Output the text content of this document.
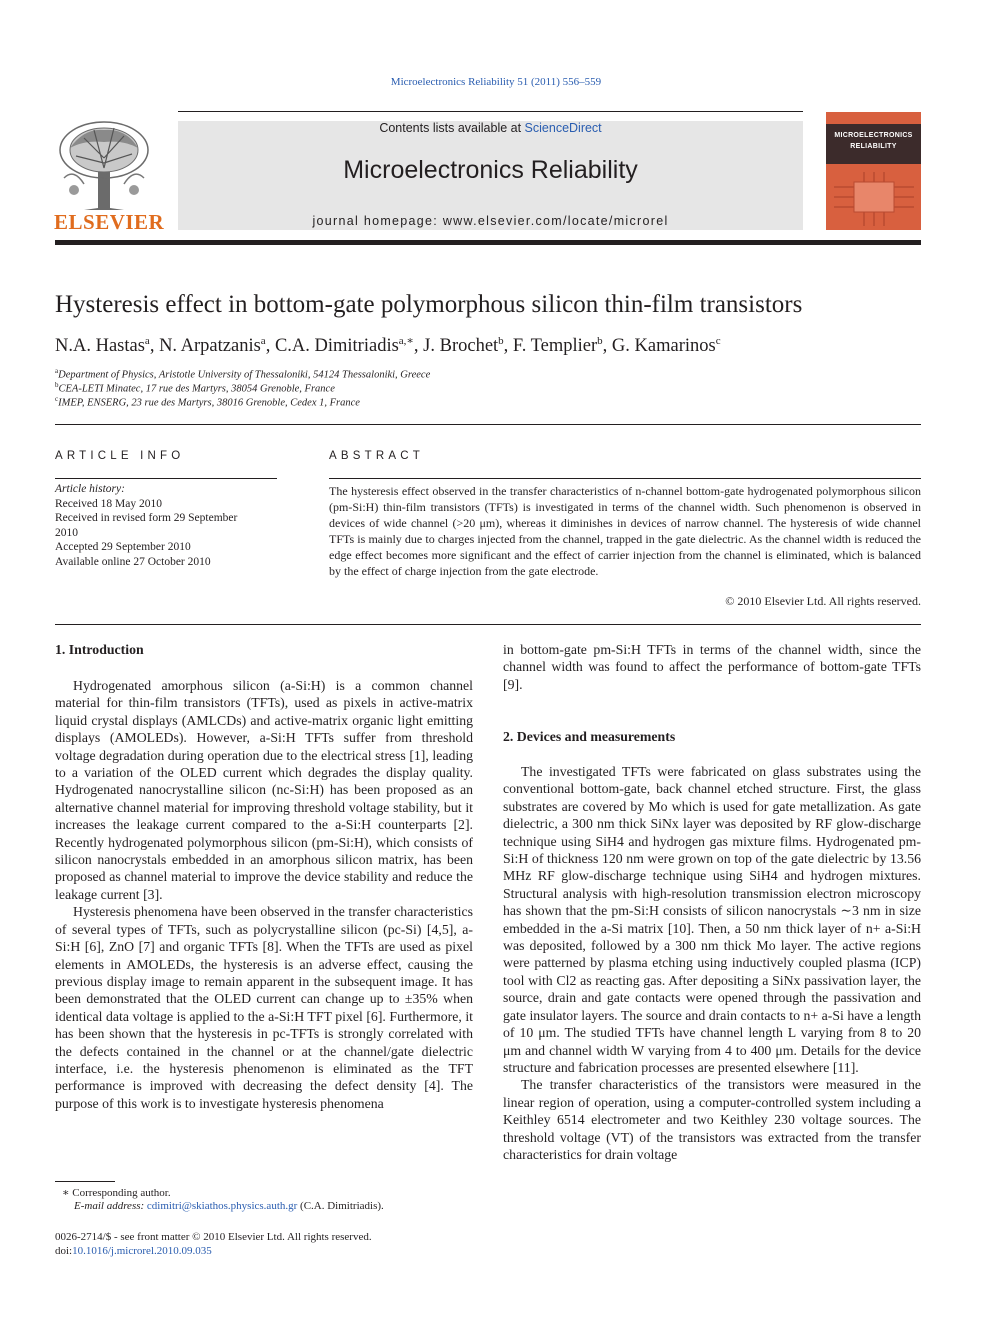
Microelectronics Reliability 51 (2011) 556–559
ELSEVIER
Contents lists available at ScienceDirect
Microelectronics Reliability
journal homepage: www.elsevier.com/locate/microrel
MICROELECTRONICS
RELIABILITY
Hysteresis effect in bottom-gate polymorphous silicon thin-film transistors
N.A. Hastas$^a$, N. Arpatzanis$^a$, C.A. Dimitriadis$^{a,∗}$, J. Brochet$^b$, F. Templier$^b$, G. Kamarinos$^c$
$^a$Department of Physics, Aristotle University of Thessaloniki, 54124 Thessaloniki, Greece
$^b$CEA-LETI Minatec, 17 rue des Martyrs, 38054 Grenoble, France
$^c$IMEP, ENSERG, 23 rue des Martyrs, 38016 Grenoble, Cedex 1, France
ARTICLE INFO
Article history:
Received 18 May 2010
Received in revised form 29 September
2010
Accepted 29 September 2010
Available online 27 October 2010
ABSTRACT
The hysteresis effect observed in the transfer characteristics of n-channel bottom-gate hydrogenated polymorphous silicon (pm-Si:H) thin-film transistors (TFTs) is investigated in terms of the channel width. Such phenomenon is observed in devices of wide channel (>20 μm), whereas it diminishes in devices of narrow channel. The hysteresis of wide channel TFTs is mainly due to charges injected from the channel, trapped in the gate dielectric. As the channel width is reduced the edge effect becomes more significant and the effect of carrier injection from the channel is eliminated, which is balanced by the effect of charge injection from the gate electrode.
© 2010 Elsevier Ltd. All rights reserved.
1. Introduction

Hydrogenated amorphous silicon (a-Si:H) is a common channel material for thin-film transistors (TFTs), used as pixels in active-matrix liquid crystal displays (AMLCDs) and active-matrix organic light emitting displays (AMOLEDs). However, a-Si:H TFTs suffer from threshold voltage degradation during operation due to the electrical stress [1], leading to a variation of the OLED current which degrades the display quality. Hydrogenated nanocrystalline silicon (nc-Si:H) has been proposed as an alternative channel material for improving threshold voltage stability, but it increases the leakage current compared to the a-Si:H counterparts [2]. Recently hydrogenated polymorphous silicon (pm-Si:H), which consists of silicon nanocrystals embedded in an amorphous silicon matrix, has been proposed as channel material to improve the device stability and reduce the leakage current [3].

Hysteresis phenomena have been observed in the transfer characteristics of several types of TFTs, such as polycrystalline silicon (pc-Si) [4,5], a-Si:H [6], ZnO [7] and organic TFTs [8]. When the TFTs are used as pixel elements in AMOLEDs, the hysteresis is an adverse effect, causing the previous display image to remain apparent in the subsequent image. It has been demonstrated that the OLED current can change up to ±35% when identical data voltage is applied to the a-Si:H TFT pixel [6]. Furthermore, it has been shown that the hysteresis in pc-TFTs is strongly correlated with the defects contained in the channel or at the channel/gate dielectric interface, i.e. the hysteresis phenomenon is eliminated as the TFT performance is improved with decreasing the defect density [4]. The purpose of this work is to investigate hysteresis phenomena

in bottom-gate pm-Si:H TFTs in terms of the channel width, since the channel width was found to affect the performance of bottom-gate TFTs [9].

2. Devices and measurements

The investigated TFTs were fabricated on glass substrates using the conventional bottom-gate, back channel etched structure. First, the glass substrates are covered by Mo which is used for gate metallization. As gate dielectric, a 300 nm thick SiNx layer was deposited by RF glow-discharge technique using SiH4 and hydrogen gas mixture films. Hydrogenated pm-Si:H of thickness 120 nm were grown on top of the gate dielectric by 13.56 MHz RF glow-discharge technique using SiH4 and hydrogen mixtures. Structural analysis with high-resolution transmission electron microscopy has shown that the pm-Si:H consists of silicon nanocrystals ∼3 nm in size embedded in the a-Si matrix [10]. Then, a 50 nm thick layer of n+ a-Si:H was deposited, followed by a 300 nm thick Mo layer. The active regions were patterned by plasma etching using inductively coupled plasma (ICP) tool with Cl2 as reacting gas. After depositing a SiNx passivation layer, the source, drain and gate contacts were opened through the passivation and gate insulator layers. The source and drain contacts to n+ a-Si have a length of 10 μm. The studied TFTs have channel length L varying from 8 to 20 μm and channel width W varying from 4 to 400 μm. Details for the device structure and fabrication processes are presented elsewhere [11].

The transfer characteristics of the transistors were measured in the linear region of operation, using a computer-controlled system including a Keithley 6514 electrometer and two Keithley 230 voltage sources. The threshold voltage (VT) of the transistors was extracted from the transfer characteristics for drain voltage

∗ Corresponding author.
E-mail address: cdimitri@skiathos.physics.auth.gr (C.A. Dimitriadis).
0026-2714/$ - see front matter © 2010 Elsevier Ltd. All rights reserved.
doi:10.1016/j.microrel.2010.09.035
